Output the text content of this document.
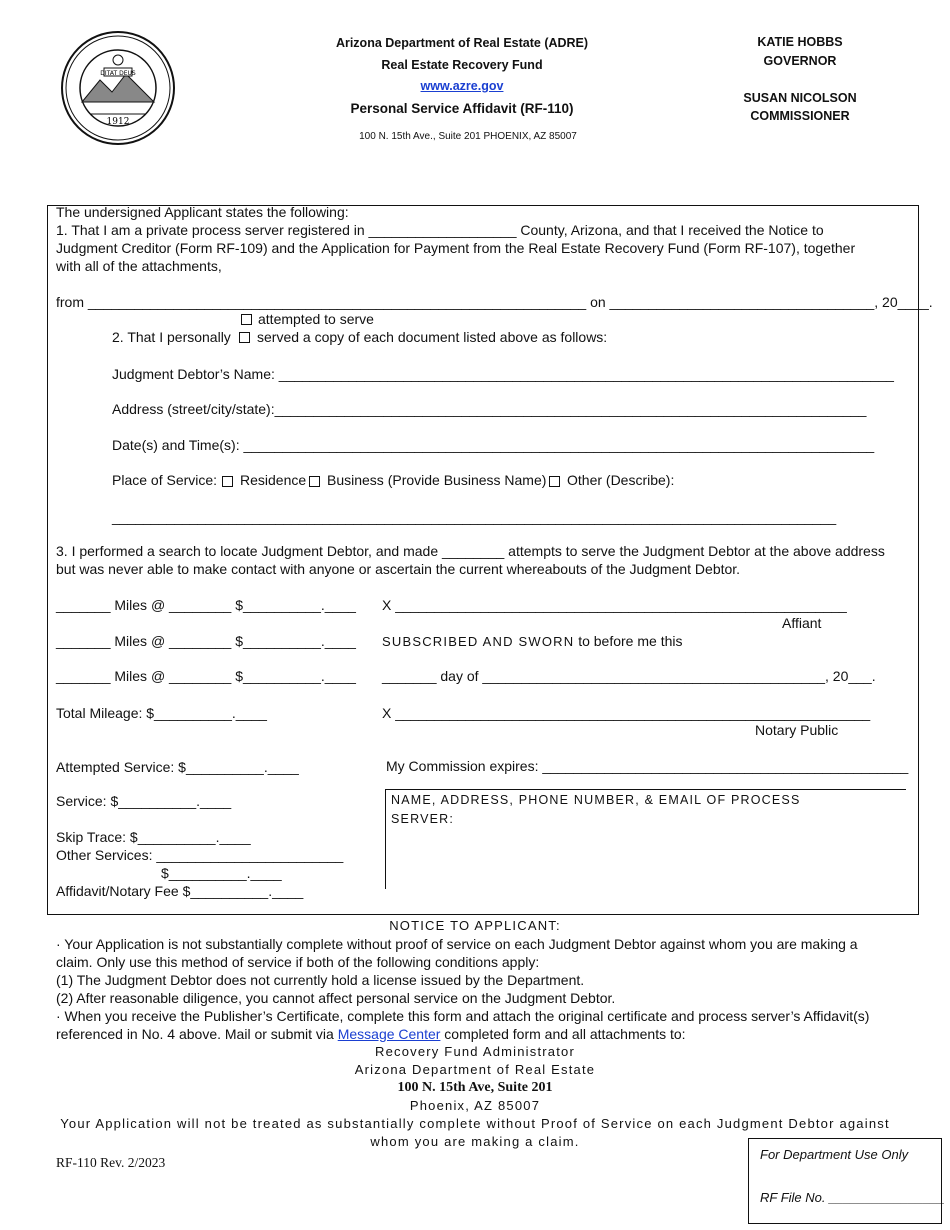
DITAT DEUS
1912
Arizona Department of Real Estate (ADRE)
Real Estate Recovery Fund
www.azre.gov
Personal Service Affidavit (RF-110)
100 N. 15th Ave., Suite 201 PHOENIX, AZ 85007
KATIE HOBBS
GOVERNOR
SUSAN NICOLSON
COMMISSIONER
The undersigned Applicant states the following:
1. That I am a private process server registered in ___________________ County, Arizona, and that I received the Notice to
Judgment Creditor (Form RF-109) and the Application for Payment from the Real Estate Recovery Fund (Form RF-107), together
with all of the attachments,
from ________________________________________________________________ on __________________________________, 20____.
attempted to serve
2. That I personally served a copy of each document listed above as follows:
Judgment Debtor’s Name: _______________________________________________________________________________
Address (street/city/state):____________________________________________________________________________
Date(s) and Time(s): _________________________________________________________________________________
Place of Service: Residence Business (Provide Business Name) Other (Describe):
_____________________________________________________________________________________________
3. I performed a search to locate Judgment Debtor, and made ________ attempts to serve the Judgment Debtor at the above address
but was never able to make contact with anyone or ascertain the current whereabouts of the Judgment Debtor.
_______ Miles @ ________ $__________.____
_______ Miles @ ________ $__________.____
_______ Miles @ ________ $__________.____
Total Mileage: $__________.____
Attempted Service: $__________.____
Service: $__________.____
Skip Trace: $__________.____
Other Services: ________________________
$__________.____
Affidavit/Notary Fee $__________.____
X __________________________________________________________
Affiant
SUBSCRIBED AND SWORN to before me this
_______ day of ____________________________________________, 20___.
X _____________________________________________________________
Notary Public
My Commission expires: _______________________________________________
NAME, ADDRESS, PHONE NUMBER, & EMAIL OF PROCESS
SERVER:
NOTICE TO APPLICANT:
· Your Application is not substantially complete without proof of service on each Judgment Debtor against whom you are making a
claim. Only use this method of service if both of the following conditions apply:
(1) The Judgment Debtor does not currently hold a license issued by the Department.
(2) After reasonable diligence, you cannot affect personal service on the Judgment Debtor.
· When you receive the Publisher’s Certificate, complete this form and attach the original certificate and process server’s Affidavit(s)
referenced in No. 4 above. Mail or submit via Message Center completed form and all attachments to:
Recovery Fund Administrator
Arizona Department of Real Estate
100 N. 15th Ave, Suite 201
Phoenix, AZ 85007
Your Application will not be treated as substantially complete without Proof of Service on each Judgment Debtor against
whom you are making a claim.
RF-110 Rev. 2/2023
For Department Use Only
RF File No. ________________
